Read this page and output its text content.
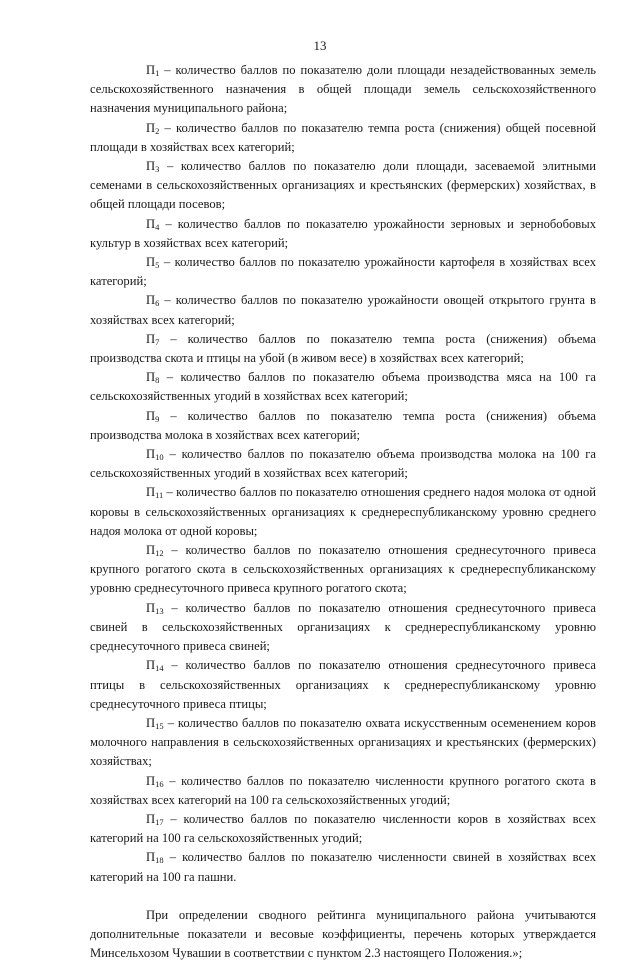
13

$П_1$ – количество баллов по показателю доли площади незадействованных земель сельскохозяйственного назначения в общей площади земель сельскохозяйственного назначения муниципального района;

$П_2$ – количество баллов по показателю темпа роста (снижения) общей посевной площади в хозяйствах всех категорий;

$П_3$ – количество баллов по показателю доли площади, засеваемой элитными семенами в сельскохозяйственных организациях и крестьянских (фермерских) хозяйствах, в общей площади посевов;

$П_4$ – количество баллов по показателю урожайности зерновых и зернобобовых культур в хозяйствах всех категорий;

$П_5$ – количество баллов по показателю урожайности картофеля в хозяйствах всех категорий;

$П_6$ – количество баллов по показателю урожайности овощей открытого грунта в хозяйствах всех категорий;

$П_7$ – количество баллов по показателю темпа роста (снижения) объема производства скота и птицы на убой (в живом весе) в хозяйствах всех категорий;

$П_8$ – количество баллов по показателю объема производства мяса на 100 га сельскохозяйственных угодий в хозяйствах всех категорий;

$П_9$ – количество баллов по показателю темпа роста (снижения) объема производства молока в хозяйствах всех категорий;

$П_{10}$ – количество баллов по показателю объема производства молока на 100 га сельскохозяйственных угодий в хозяйствах всех категорий;

$П_{11}$ – количество баллов по показателю отношения среднего надоя молока от одной коровы в сельскохозяйственных организациях к среднереспубликанскому уровню среднего надоя молока от одной коровы;

$П_{12}$ – количество баллов по показателю отношения среднесуточного привеса крупного рогатого скота в сельскохозяйственных организациях к среднереспубликанскому уровню среднесуточного привеса крупного рогатого скота;

$П_{13}$ – количество баллов по показателю отношения среднесуточного привеса свиней в сельскохозяйственных организациях к среднереспубликанскому уровню среднесуточного привеса свиней;

$П_{14}$ – количество баллов по показателю отношения среднесуточного привеса птицы в сельскохозяйственных организациях к среднереспубликанскому уровню среднесуточного привеса птицы;

$П_{15}$ – количество баллов по показателю охвата искусственным осеменением коров молочного направления в сельскохозяйственных организациях и крестьянских (фермерских) хозяйствах;

$П_{16}$ – количество баллов по показателю численности крупного рогатого скота в хозяйствах всех категорий на 100 га сельскохозяйственных угодий;

$П_{17}$ – количество баллов по показателю численности коров в хозяйствах всех категорий на 100 га сельскохозяйственных угодий;

$П_{18}$ – количество баллов по показателю численности свиней в хозяйствах всех категорий на 100 га пашни.

При определении сводного рейтинга муниципального района учитываются дополнительные показатели и весовые коэффициенты, перечень которых утверждается Минсельхозом Чувашии в соответствии с пунктом 2.3 настоящего Положения.»;
